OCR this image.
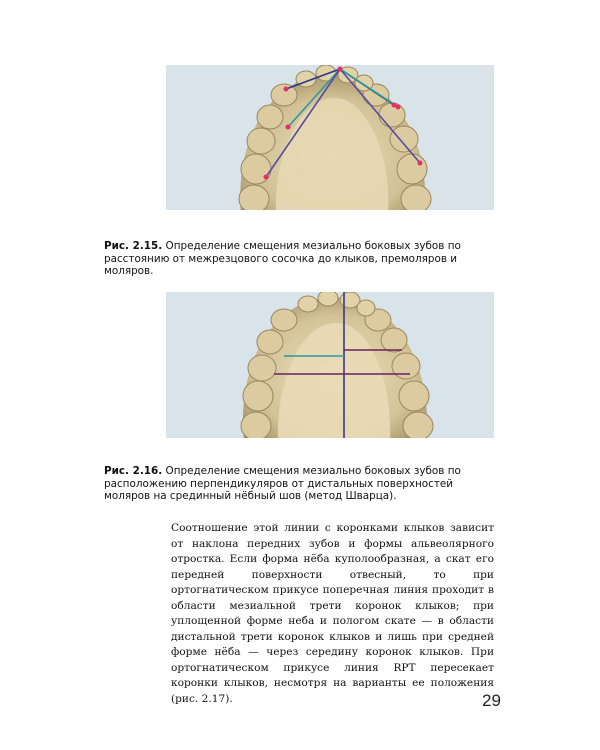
Рис. 2.15. Определение смещения мезиально боковых зубов по расстоянию от межрезцового сосочка до клыков, премоляров и моляров.
Рис. 2.16. Определение смещения мезиально боковых зубов по расположению перпендикуляров от дистальных поверхностей моляров на срединный нёбный шов (метод Шварца).

Соотношение этой линии с коронками клыков зависит от наклона передних зубов и формы альвеолярного отростка. Если форма нёба куполообразная, а скат его передней поверхности отвесный, то при ортогнатическом прикусе поперечная линия проходит в области мезиальной трети коронок клыков; при уплощенной форме неба и пологом скате — в области дистальной трети коронок клыков и лишь при средней форме нёба — через середину коронок клыков. При ортогнатическом прикусе линия RPT пересекает коронки клыков, несмотря на варианты ее положения (рис. 2.17).	29
